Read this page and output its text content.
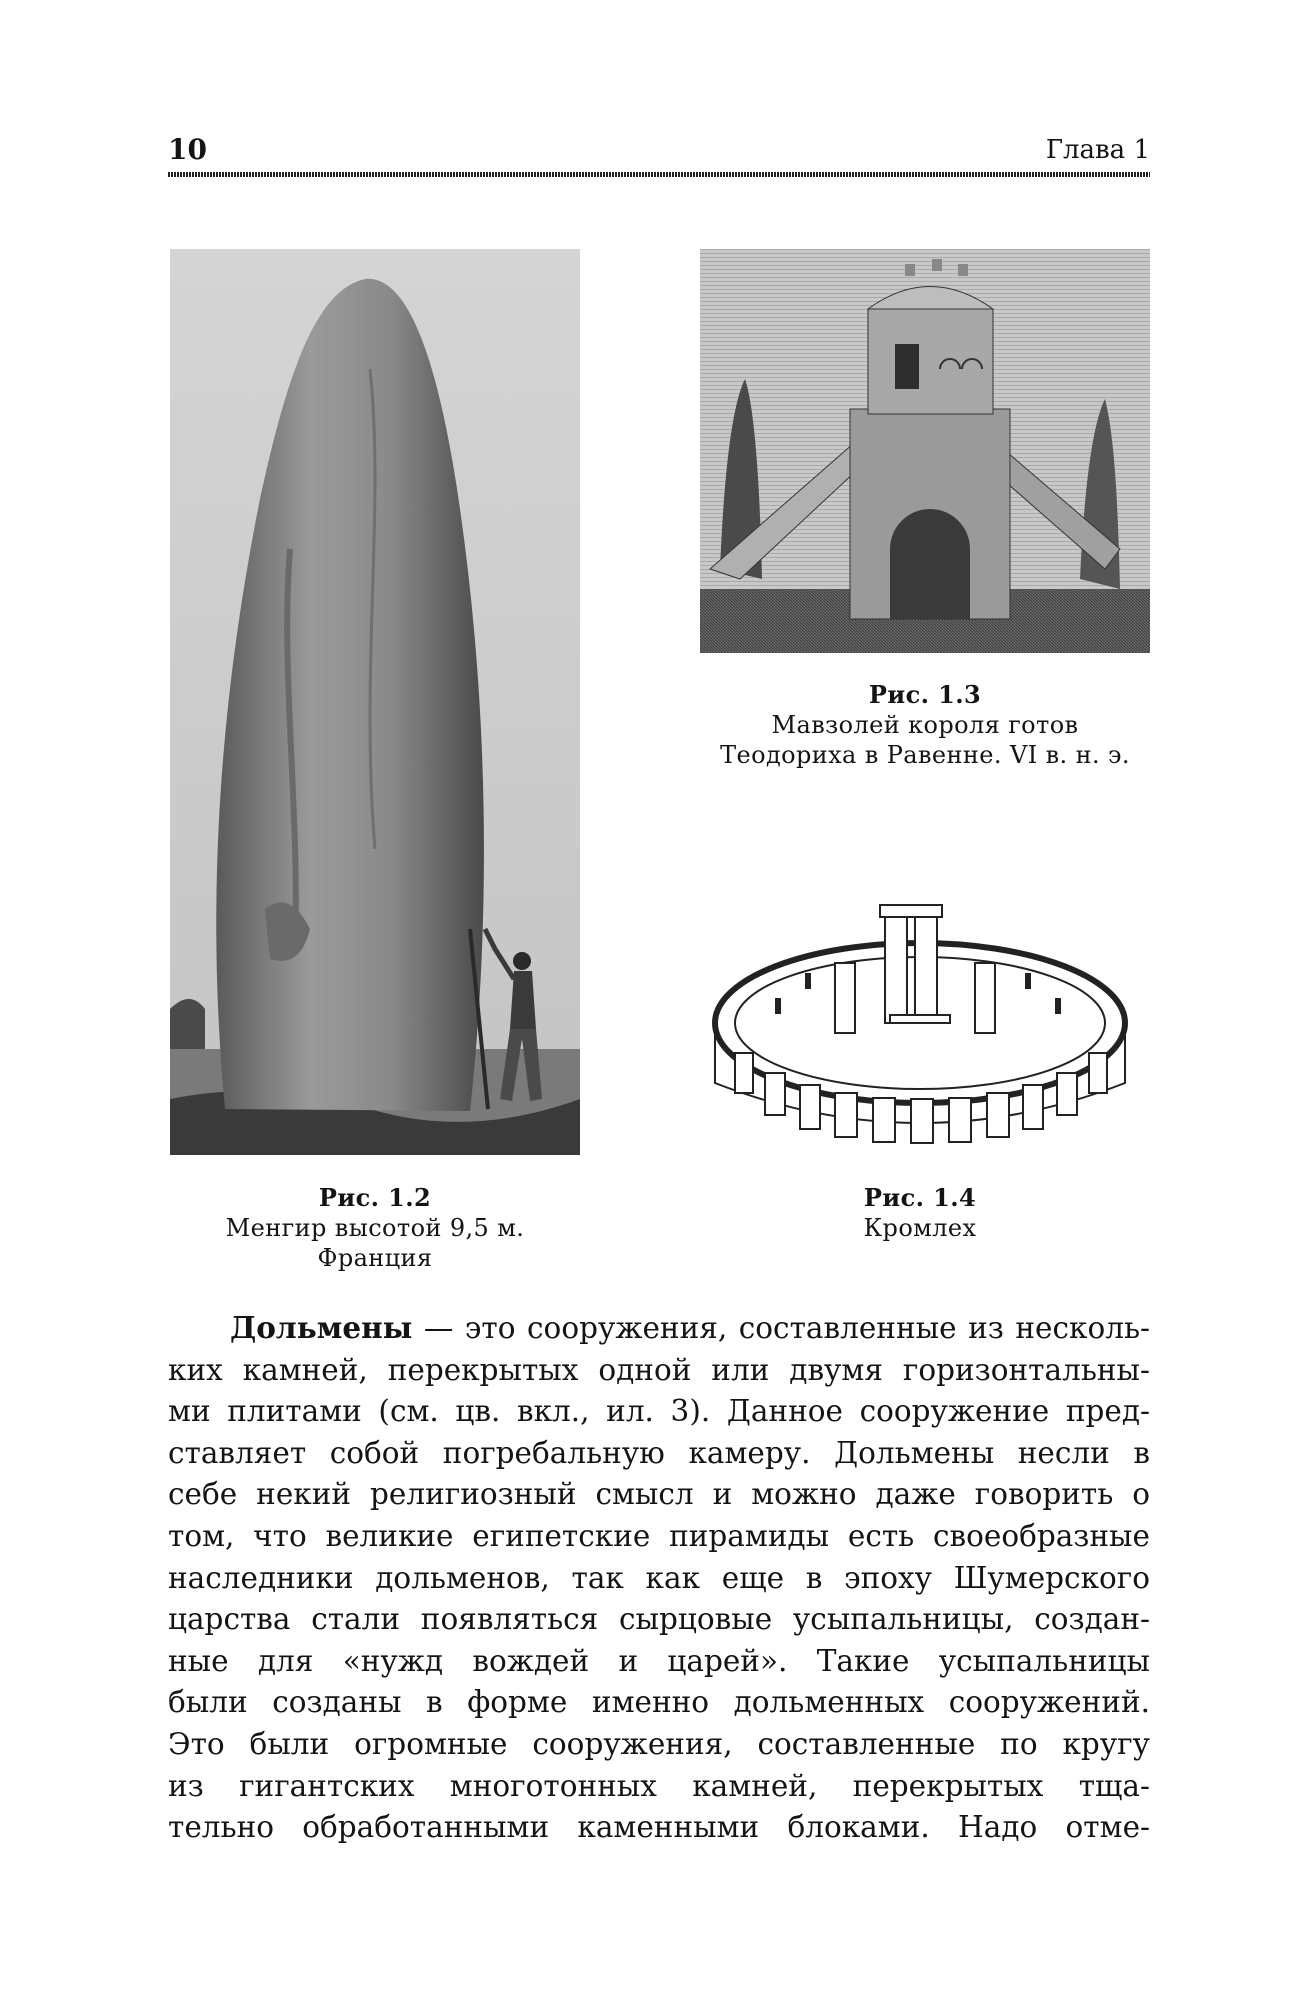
10	Глава 1
Рис. 1.2
Менгир высотой 9,5 м.
Франция
Рис. 1.3
Мавзолей короля готов
Теодориха в Равенне. VI в. н. э.
Рис. 1.4
Кромлех
Дольмены — это сооружения, составленные из несколь-
ких камней, перекрытых одной или двумя горизонтальны-
ми плитами (см. цв. вкл., ил. 3). Данное сооружение пред-
ставляет собой погребальную камеру. Дольмены несли в
себе некий религиозный смысл и можно даже говорить о
том, что великие египетские пирамиды есть своеобразные
наследники дольменов, так как еще в эпоху Шумерского
царства стали появляться сырцовые усыпальницы, создан-
ные для «нужд вождей и царей». Такие усыпальницы
были созданы в форме именно дольменных сооружений.
Это были огромные сооружения, составленные по кругу
из гигантских многотонных камней, перекрытых тща-
тельно обработанными каменными блоками. Надо отме-
